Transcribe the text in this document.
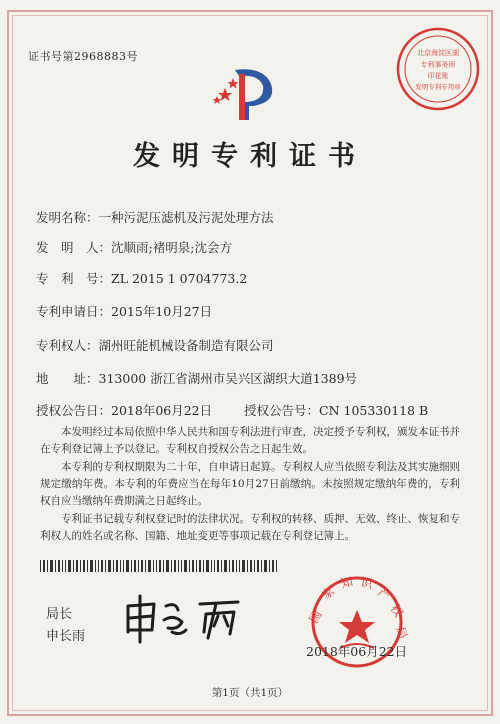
证书号第2968883号	北京海淀区湖
专利事务所
印花账
发明专利专用章
发明专利证书
发明名称：一种污泥压滤机及污泥处理方法
发　明　人：沈顺雨;褚明泉;沈会方
专　利　号：ZL 2015 1 0704773.2
专利申请日：2015年10月27日
专利权人：湖州旺能机械设备制造有限公司
地　　址：313000 浙江省湖州市吴兴区湖织大道1389号
授权公告日：2018年06月22日	授权公告号：CN 105330118 B
本发明经过本局依照中华人民共和国专利法进行审查，决定授予专利权，颁发本证书并在专利登记簿上予以登记。专利权自授权公告之日起生效。
本专利的专利权期限为二十年，自申请日起算。专利权人应当依照专利法及其实施细则规定缴纳年费。本专利的年费应当在每年10月27日前缴纳。未按照规定缴纳年费的，专利权自应当缴纳年费期满之日起终止。
专利证书记载专利权登记时的法律状况。专利权的转移、质押、无效、终止、恢复和专利权人的姓名或名称、国籍、地址变更等事项记载在专利登记簿上。
局长
申长雨
国
家
知 识
产
权
局
2018年06月22日
第1页（共1页）
